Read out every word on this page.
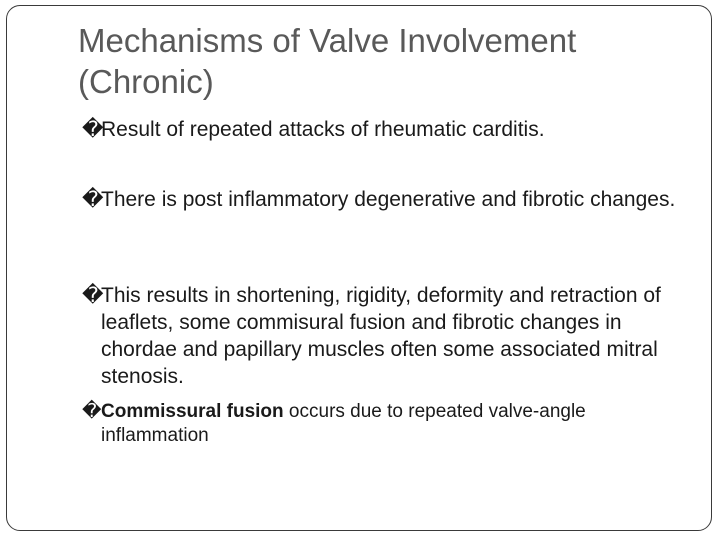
Mechanisms of Valve Involvement (Chronic)
�
Result of repeated attacks of rheumatic carditis.
�
There is post inflammatory degenerative and fibrotic changes.
�
This results in shortening, rigidity, deformity and retraction of leaflets, some commisural fusion and fibrotic changes in chordae and papillary muscles often some associated mitral stenosis.
� Commissural fusion occurs due to repeated valve-angle inflammation
